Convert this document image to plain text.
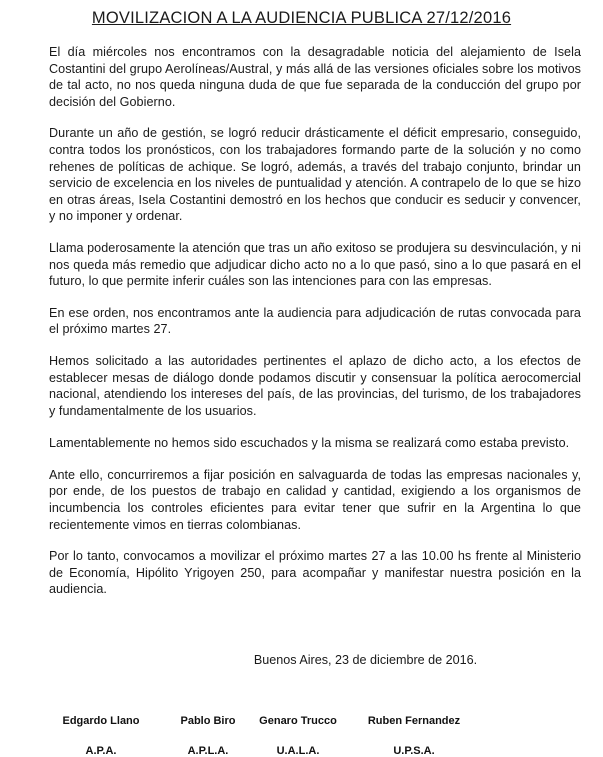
MOVILIZACION A LA AUDIENCIA PUBLICA 27/12/2016

El día miércoles nos encontramos con la desagradable noticia del alejamiento de Isela Costantini del grupo Aerolíneas/Austral, y más allá de las versiones oficiales sobre los motivos de tal acto, no nos queda ninguna duda de que fue separada de la conducción del grupo por decisión del Gobierno.

Durante un año de gestión, se logró reducir drásticamente el déficit empresario, conseguido, contra todos los pronósticos, con los trabajadores formando parte de la solución y no como rehenes de políticas de achique. Se logró, además, a través del trabajo conjunto, brindar un servicio de excelencia en los niveles de puntualidad y atención. A contrapelo de lo que se hizo en otras áreas, Isela Costantini demostró en los hechos que conducir es seducir y convencer, y no imponer y ordenar.

Llama poderosamente la atención que tras un año exitoso se produjera su desvinculación, y ni nos queda más remedio que adjudicar dicho acto no a lo que pasó, sino a lo que pasará en el futuro, lo que permite inferir cuáles son las intenciones para con las empresas.

En ese orden, nos encontramos ante la audiencia para adjudicación de rutas convocada para el próximo martes 27.

Hemos solicitado a las autoridades pertinentes el aplazo de dicho acto, a los efectos de establecer mesas de diálogo donde podamos discutir y consensuar la política aerocomercial nacional, atendiendo los intereses del país, de las provincias, del turismo, de los trabajadores y fundamentalmente de los usuarios.

Lamentablemente no hemos sido escuchados y la misma se realizará como estaba previsto.

Ante ello, concurriremos a fijar posición en salvaguarda de todas las empresas nacionales y, por ende, de los puestos de trabajo en calidad y cantidad, exigiendo a los organismos de incumbencia los controles eficientes para evitar tener que sufrir en la Argentina lo que recientemente vimos en tierras colombianas.

Por lo tanto, convocamos a movilizar el próximo martes 27 a las 10.00 hs frente al Ministerio de Economía, Hipólito Yrigoyen 250, para acompañar y manifestar nuestra posición en la audiencia.

Buenos Aires, 23 de diciembre de 2016.
Edgardo Llano
A.P.A.
Pablo Biro
A.P.L.A.
Genaro Trucco
U.A.L.A.
Ruben Fernandez
U.P.S.A.
